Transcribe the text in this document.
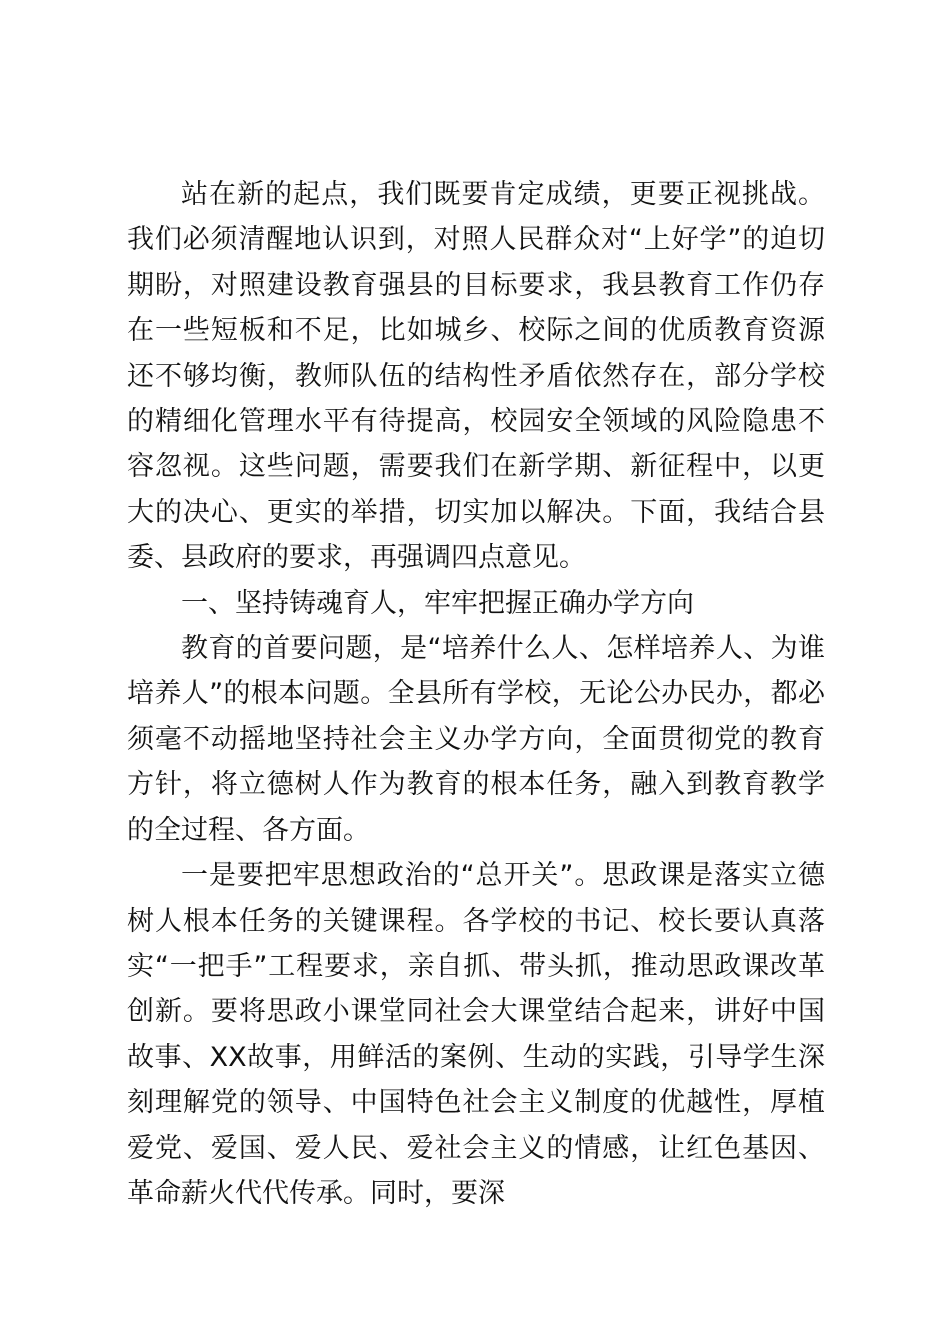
站在新的起点，我们既要肯定成绩，更要正视挑战。我们必须清醒地认识到，对照人民群众对“上好学”的迫切期盼，对照建设教育强县的目标要求，我县教育工作仍存在一些短板和不足，比如城乡、校际之间的优质教育资源还不够均衡，教师队伍的结构性矛盾依然存在，部分学校的精细化管理水平有待提高，校园安全领域的风险隐患不容忽视。这些问题，需要我们在新学期、新征程中，以更大的决心、更实的举措，切实加以解决。下面，我结合县委、县政府的要求，再强调四点意见。

一、坚持铸魂育人，牢牢把握正确办学方向

教育的首要问题，是“培养什么人、怎样培养人、为谁培养人”的根本问题。全县所有学校，无论公办民办，都必须毫不动摇地坚持社会主义办学方向，全面贯彻党的教育方针，将立德树人作为教育的根本任务，融入到教育教学的全过程、各方面。

一是要把牢思想政治的“总开关”。思政课是落实立德树人根本任务的关键课程。各学校的书记、校长要认真落实“一把手”工程要求，亲自抓、带头抓，推动思政课改革创新。要将思政小课堂同社会大课堂结合起来，讲好中国故事、XX故事，用鲜活的案例、生动的实践，引导学生深刻理解党的领导、中国特色社会主义制度的优越性，厚植爱党、爱国、爱人民、爱社会主义的情感，让红色基因、革命薪火代代传承。同时，要深
